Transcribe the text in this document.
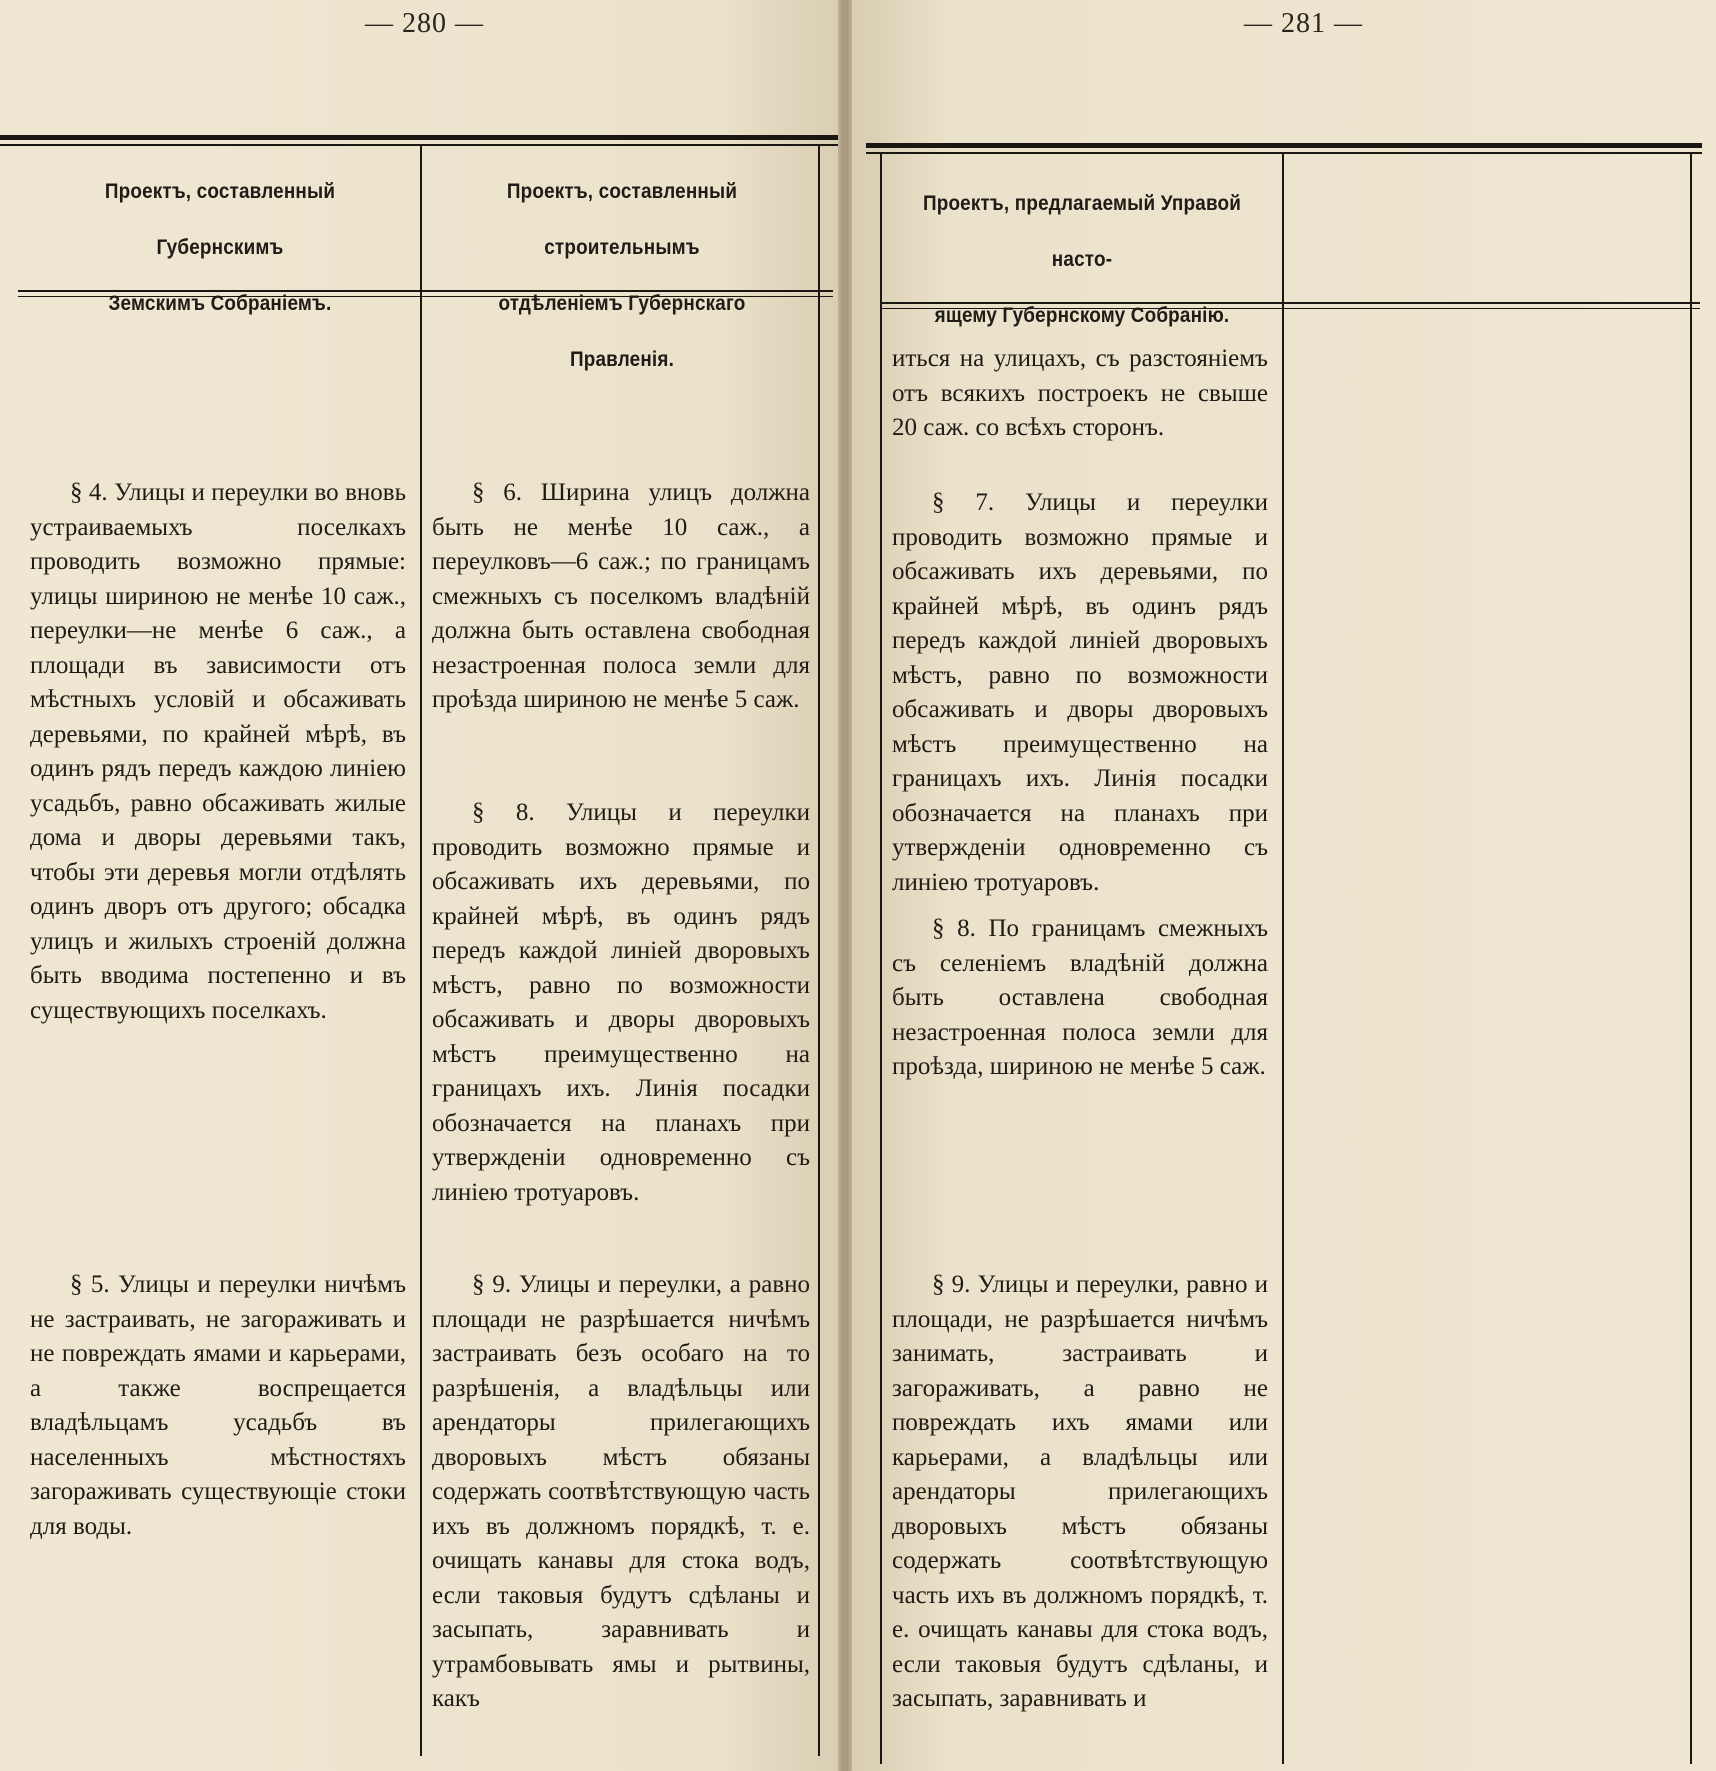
— 280 —	— 281 —
Проектъ, составленный Губернскимъ
Земскимъ Собраніемъ.
Проектъ, составленный строительнымъ
отдѣленіемъ Губернскаго Правленія.
Проектъ, предлагаемый Управой насто-
ящему Губернскому Собранію.

§ 4. Улицы и переулки во вновь устраиваемыхъ поселкахъ проводить возможно прямые: улицы шириною не менѣе 10 саж., переулки—не менѣе 6 саж., а площади въ зависимости отъ мѣстныхъ условій и обсаживать деревьями, по крайней мѣрѣ, въ одинъ рядъ передъ каждою линіею усадьбъ, равно обсаживать жилые дома и дворы деревьями такъ, чтобы эти деревья могли отдѣлять одинъ дворъ отъ другого; обсадка улицъ и жилыхъ строеній должна быть вводима постепенно и въ существующихъ поселкахъ.

§ 5. Улицы и переулки ничѣмъ не застраивать, не загораживать и не повреждать ямами и карьерами, а также воспрещается владѣльцамъ усадьбъ въ населенныхъ мѣстностяхъ загораживать существующіе стоки для воды.

§ 6. Ширина улицъ должна быть не менѣе 10 саж., а переулковъ—6 саж.; по границамъ смежныхъ съ поселкомъ владѣній должна быть оставлена свободная незастроенная полоса земли для проѣзда шириною не менѣе 5 саж.

§ 8. Улицы и переулки проводить возможно прямые и обсаживать ихъ деревьями, по крайней мѣрѣ, въ одинъ рядъ передъ каждой линіей дворовыхъ мѣстъ, равно по возможности обсаживать и дворы дворовыхъ мѣстъ преимущественно на границахъ ихъ. Линія посадки обозначается на планахъ при утвержденіи одновременно съ линіею тротуаровъ.

§ 9. Улицы и переулки, а равно площади не разрѣшается ничѣмъ застраивать безъ особаго на то разрѣшенія, а владѣльцы или арендаторы прилегающихъ дворовыхъ мѣстъ обязаны содержать соотвѣтствующую часть ихъ въ должномъ порядкѣ, т. е. очищать канавы для стока водъ, если таковыя будутъ сдѣланы и засыпать, заравнивать и утрамбовывать ямы и рытвины, какъ

иться на улицахъ, съ разстояніемъ отъ всякихъ построекъ не свыше 20 саж. со всѣхъ сторонъ.

§ 7. Улицы и переулки проводить возможно прямые и обсаживать ихъ деревьями, по крайней мѣрѣ, въ одинъ рядъ передъ каждой линіей дворовыхъ мѣстъ, равно по возможности обсаживать и дворы дворовыхъ мѣстъ преимущественно на границахъ ихъ. Линія посадки обозначается на планахъ при утвержденіи одновременно съ линіею тротуаровъ.

§ 8. По границамъ смежныхъ съ селеніемъ владѣній должна быть оставлена свободная незастроенная полоса земли для проѣзда, шириною не менѣе 5 саж.

§ 9. Улицы и переулки, равно и площади, не разрѣшается ничѣмъ занимать, застраивать и загораживать, а равно не повреждать ихъ ямами или карьерами, а владѣльцы или арендаторы прилегающихъ дворовыхъ мѣстъ обязаны содержать соотвѣтствующую часть ихъ въ должномъ порядкѣ, т. е. очищать канавы для стока водъ, если таковыя будутъ сдѣланы, и засыпать, заравнивать и
